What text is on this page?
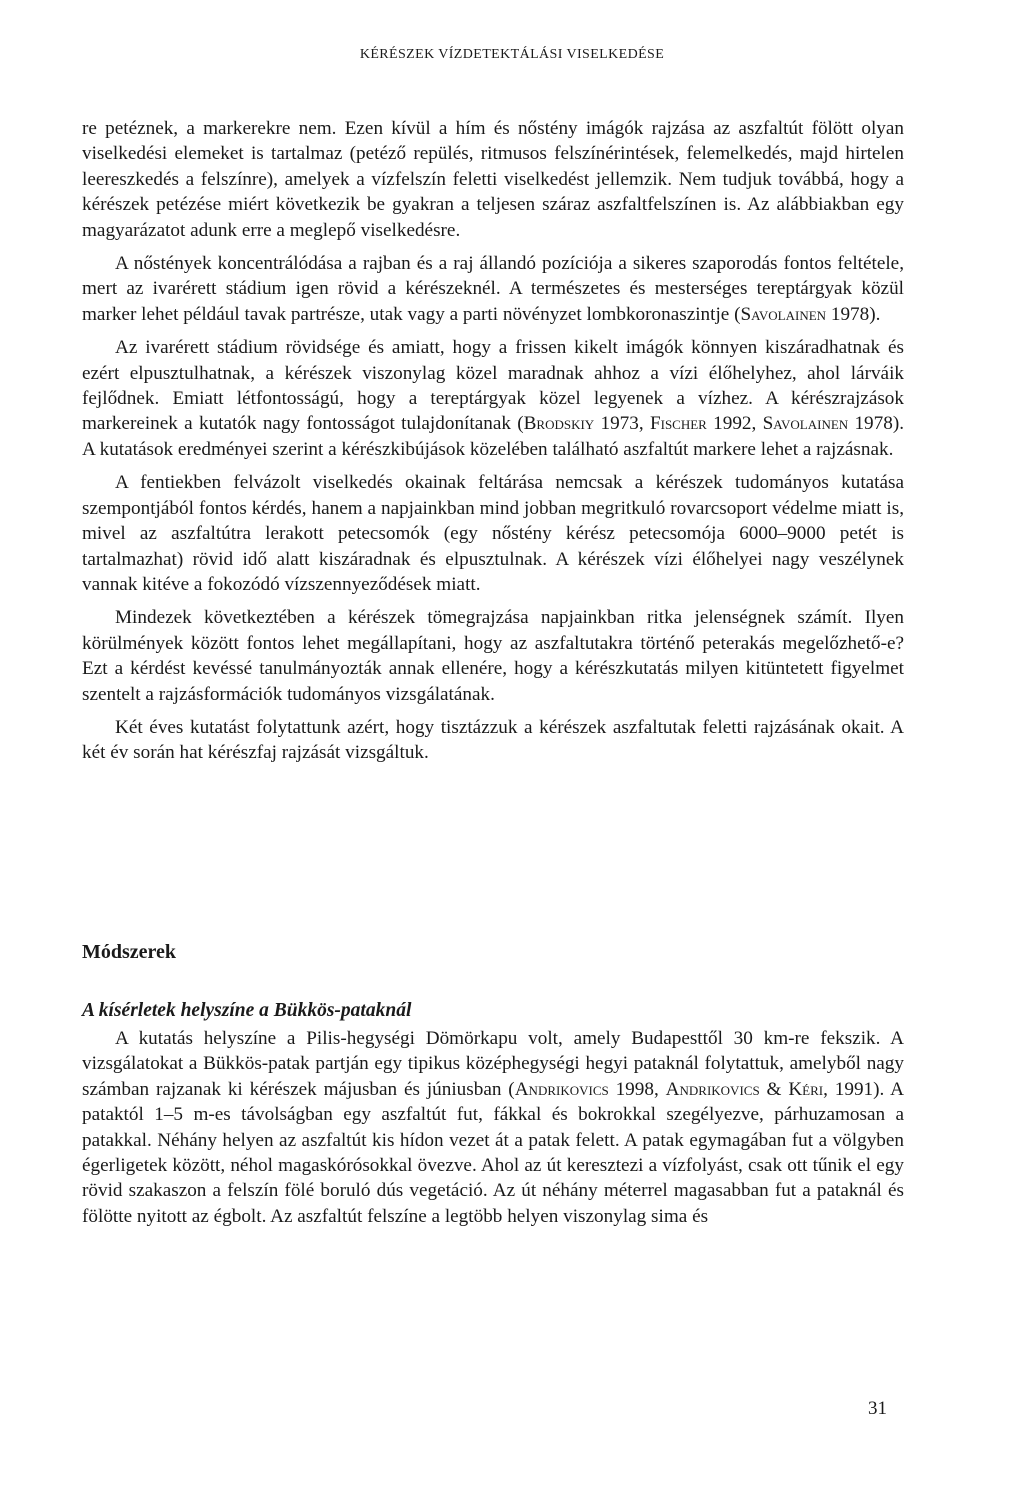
KÉRÉSZEK VÍZDETEKTÁLÁSI VISELKEDÉSE

re petéznek, a markerekre nem. Ezen kívül a hím és nőstény imágók rajzása az aszfaltút fölött olyan viselkedési elemeket is tartalmaz (petéző repülés, ritmusos felszínérintések, felemelkedés, majd hirtelen leereszkedés a felszínre), amelyek a vízfelszín feletti viselkedést jellemzik. Nem tudjuk továbbá, hogy a kérészek petézése miért következik be gyakran a teljesen száraz aszfaltfelszínen is. Az alábbiakban egy magyarázatot adunk erre a meglepő viselkedésre.

A nőstények koncentrálódása a rajban és a raj állandó pozíciója a sikeres szaporodás fontos feltétele, mert az ivarérett stádium igen rövid a kérészeknél. A természetes és mesterséges tereptárgyak közül marker lehet például tavak partrésze, utak vagy a parti növényzet lombkoronaszintje (Savolainen 1978).

Az ivarérett stádium rövidsége és amiatt, hogy a frissen kikelt imágók könnyen kiszáradhatnak és ezért elpusztulhatnak, a kérészek viszonylag közel maradnak ahhoz a vízi élőhelyhez, ahol lárváik fejlődnek. Emiatt létfontosságú, hogy a tereptárgyak közel legyenek a vízhez. A kérészrajzások markereinek a kutatók nagy fontosságot tulajdonítanak (Brodskiy 1973, Fischer 1992, Savolainen 1978). A kutatások eredményei szerint a kérészkibújások közelében található aszfaltút markere lehet a rajzásnak.

A fentiekben felvázolt viselkedés okainak feltárása nemcsak a kérészek tudományos kutatása szempontjából fontos kérdés, hanem a napjainkban mind jobban megritkuló rovarcsoport védelme miatt is, mivel az aszfaltútra lerakott petecsomók (egy nőstény kérész petecsomója 6000–9000 petét is tartalmazhat) rövid idő alatt kiszáradnak és elpusztulnak. A kérészek vízi élőhelyei nagy veszélynek vannak kitéve a fokozódó vízszennyeződések miatt.

Mindezek következtében a kérészek tömegrajzása napjainkban ritka jelenségnek számít. Ilyen körülmények között fontos lehet megállapítani, hogy az aszfaltutakra történő peterakás megelőzhető-e? Ezt a kérdést kevéssé tanulmányozták annak ellenére, hogy a kérészkutatás milyen kitüntetett figyelmet szentelt a rajzásformációk tudományos vizsgálatának.

Két éves kutatást folytattunk azért, hogy tisztázzuk a kérészek aszfaltutak feletti rajzásának okait. A két év során hat kérészfaj rajzását vizsgáltuk.

Módszerek
A kísérletek helyszíne a Bükkös-pataknál

A kutatás helyszíne a Pilis-hegységi Dömörkapu volt, amely Budapesttől 30 km-re fekszik. A vizsgálatokat a Bükkös-patak partján egy tipikus középhegységi hegyi pataknál folytattuk, amelyből nagy számban rajzanak ki kérészek májusban és júniusban (Andrikovics 1998, Andrikovics & Kéri, 1991). A pataktól 1–5 m-es távolságban egy aszfaltút fut, fákkal és bokrokkal szegélyezve, párhuzamosan a patakkal. Néhány helyen az aszfaltút kis hídon vezet át a patak felett. A patak egymagában fut a völgyben égerligetek között, néhol magaskórósokkal övezve. Ahol az út keresztezi a vízfolyást, csak ott tűnik el egy rövid szakaszon a felszín fölé boruló dús vegetáció. Az út néhány méterrel magasabban fut a pataknál és fölötte nyitott az égbolt. Az aszfaltút felszíne a legtöbb helyen viszonylag sima és

31
